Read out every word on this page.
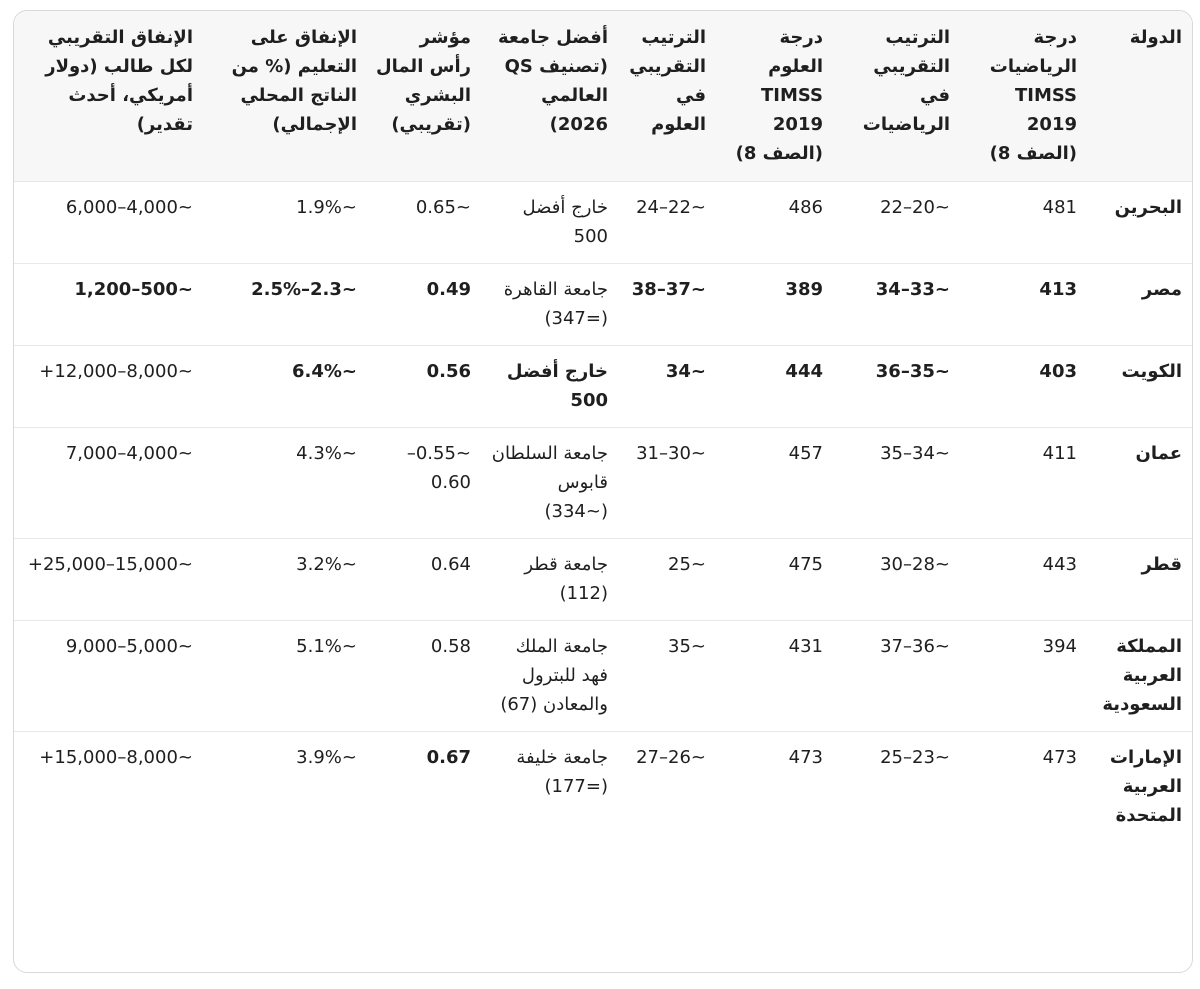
الدولة	درجة الرياضيات TIMSS 2019 (الصف 8)	الترتيب التقريبي في الرياضيات	درجة العلوم TIMSS 2019 (الصف 8)	الترتيب التقريبي في العلوم	أفضل جامعة (تصنيف QS العالمي 2026)	مؤشر رأس المال البشري (تقريبي)	الإنفاق على التعليم (% من الناتج المحلي الإجمالي)	الإنفاق التقريبي لكل طالب (دولار أمريكي، أحدث تقدير)
البحرين	481	~20–22	486	~22–24	خارج أفضل 500	~0.65	~1.9%	~4,000–6,000
مصر	413	~33–34	389	~37–38	جامعة القاهرة (=347)	0.49	~2.3–2.5%	~500–1,200
الكويت	403	~35–36	444	~34	خارج أفضل 500	0.56	~6.4%	~8,000–12,000+
عمان	411	~34–35	457	~30–31	جامعة السلطان قابوس (~334)	~0.55–0.60	~4.3%	~4,000–7,000
قطر	443	~28–30	475	~25	جامعة قطر (112)	0.64	~3.2%	~15,000–25,000+
المملكة العربية السعودية	394	~36–37	431	~35	جامعة الملك فهد للبترول والمعادن (67)	0.58	~5.1%	~5,000–9,000
الإمارات العربية المتحدة	473	~23–25	473	~26–27	جامعة خليفة (=177)	0.67	~3.9%	~8,000–15,000+
